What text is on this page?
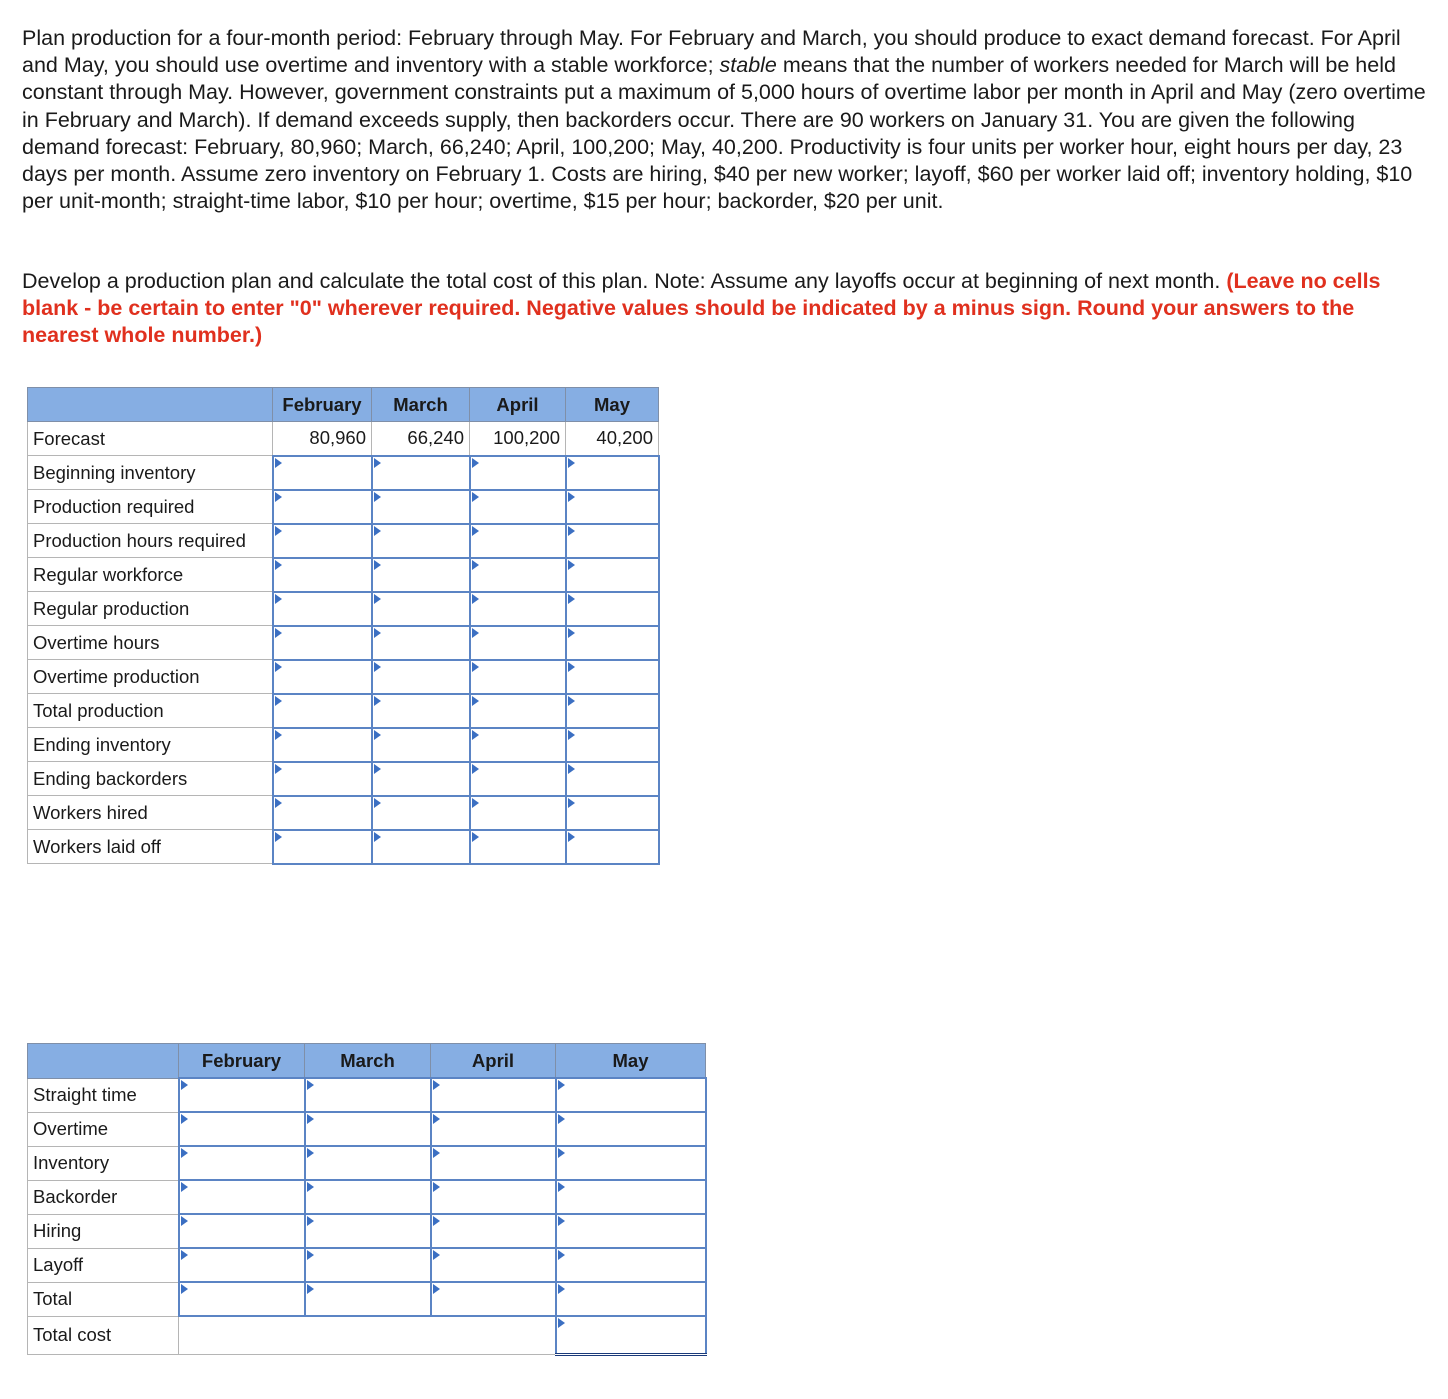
Plan production for a four-month period: February through May. For February and March, you should produce to exact demand forecast. For April and May, you should use overtime and inventory with a stable workforce; stable means that the number of workers needed for March will be held constant through May. However, government constraints put a maximum of 5,000 hours of overtime labor per month in April and May (zero overtime in February and March). If demand exceeds supply, then backorders occur. There are 90 workers on January 31. You are given the following demand forecast: February, 80,960; March, 66,240; April, 100,200; May, 40,200. Productivity is four units per worker hour, eight hours per day, 23 days per month. Assume zero inventory on February 1. Costs are hiring, $40 per new worker; layoff, $60 per worker laid off; inventory holding, $10 per unit-month; straight-time labor, $10 per hour; overtime, $15 per hour; backorder, $20 per unit.

Develop a production plan and calculate the total cost of this plan. Note: Assume any layoffs occur at beginning of next month. (Leave no cells blank - be certain to enter "0" wherever required. Negative values should be indicated by a minus sign. Round your answers to the nearest whole number.)

	February	March	April	May
Forecast	80,960	66,240	100,200	40,200
Beginning inventory	

Production required	

Production hours required	

Regular workforce	

Regular production	

Overtime hours	

Overtime production	

Total production	

Ending inventory	

Ending backorders	

Workers hired	

Workers laid off	

	February	March	April	May
Straight time	

Overtime	

Inventory	

Backorder	

Hiring	

Layoff	

Total	

Total cost				
